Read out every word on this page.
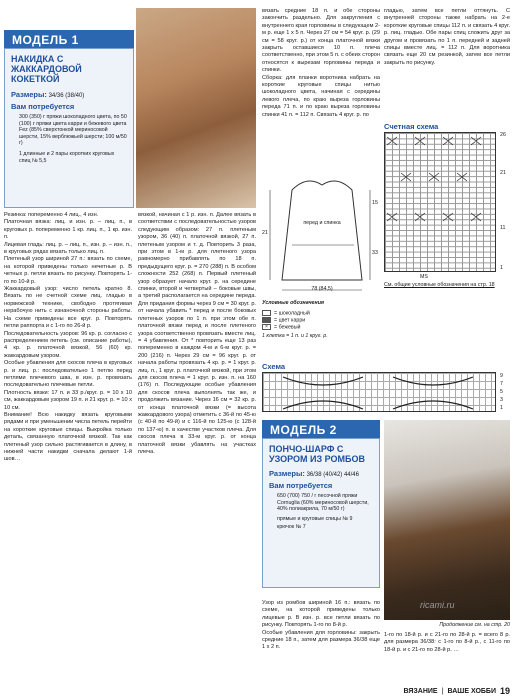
МОДЕЛЬ 1
НАКИДКА С ЖАККАРДОВОЙ КОКЕТКОЙ
Размеры: 34/36 (38/40)
Вам потребуется
300 (350) г пряжи шоколадного цвета, по 50 (100) г пряжи цвета карри и бежевого цвета Fez (85% сверхтонкой мериносовой шерсти, 15% верблюжьей шерсти; 100 м/50 г)
1 длинные и 2 пары коротких круговых спиц № 5,5
Резинка: попеременно 4 лиц., 4 изн.
Платочная вязка: лиц. и изн. р. – лиц. п., в круговых р. попеременно 1 кр. лиц. п., 1 кр. изн. п.
Лицевая гладь: лиц. р. – лиц. п., изн. р. – изн. п., в круговых рядах вязать только лиц. п.
Плетеный узор шириной 27 п.: вязать по схеме, на которой приведены только нечетные р. В четных р. петли вязать по рисунку. Повторять 1-го по 10-й р.
Жаккардовый узор: число петель кратно 8. Вязать по не счетной схеме лиц. гладью в норвежской технике, свободно протягивая нерабочую нить с изнаночной стороны работы. На схеме приведены все круг. р. Повторять петли раппорта и с 1-го по 26-й р.
Последовательность узоров: 96 кр. р. согласно с распределением петель (см. описание работы), 4 кр. р. платочной вязкой, 56 (60) кр. жаккардовым узором.
Особые убавления для скосов плеча в круговых р. и лиц. р.: последовательно 1 петлю перед петлями плечевого шва, в изн. р. провязать последовательно плечевые петли.
Плотность вязки: 17 п. и 33 р./круг. р. = 10 х 10 см, жаккардовым узором 19 п. и 21 круг. р. = 10 х 10 см.
Внимание! Всю накидку вязать круговыми рядами и при уменьшении числа петель перейти на короткие круговые спицы. Выкройка только деталь, связанную платочной вязкой. Так как плетеный узор сильно растягивается в длину, в нижней части накидки сначала делают 1-й шов…
вязкой, начиная с 1 р. изн. п. Далее вязать в соответствии с последовательностью узоров следующим образом: 27 п. плетеным узором, 36 (40) п. платочной вязкой, 27 п. плетеным узором и т. д. Повторить 3 раза, при этом в 1-м р. для плетеного узора равномерно прибавлять по 18 п. предыдущего круг. р. = 270 (288) п. В особом сложности 252 (268) п. Первый плетеный узор образует начало круг. р. на середине спинки, второй и четвертый – боковые швы, а третий располагается на середине переда. Для придания формы через 9 см = 30 круг. р. от начала убавить * перед и после боковых плетеных узоров по 1 п. при этом обе п. платочной вязки перед и после плетеного узора соответственно провязать вместе лиц. = 4 убавления. От * повторить еще 13 раз попеременно в каждом 4-м и 6-м круг. р. = 200 (216) п. Через 29 см = 96 круг. р. от начала работы провязать 4 кр. р. = 1 круг. р. лиц. п., 1 круг. р. платочной вязкой, при этом для скосов плеча = 1 круг. р. изн. п. на 160 (176) п. Последующие особые убавления для скосов плеча выполнять так же, и продолжить вязание. Через 16 см = 32 кр. р. от конца платочной вязки (= высота жаккардового узора) отметить с 36-й по 45-ю (с 40-й по 49-й) и с 116-й по 125-ю (с 128-й по 137-ю) п. в качестве участков плеча. Для скосов плеча в 33-м круг. р. от конца платочной вязки убавлять на участках плеча.
вязать средние 18 п. и обе стороны закончить раздельно. Для закругления с внутреннего края горловины в следующем 2-м р. еще 1 х 5 п. Через 27 см = 54 круг. р. (29 см = 58 круг. р.) от конца платочной вязки закрыть оставшиеся 10 п. плеча соответственно, при этом 5 п. с обеих сторон относятся к вырезам горловины переда и спинки.
Сборка: для планки воротника набрать на короткие круговые спицы нитью шоколадного цвета, начиная с середины левого плеча, по краю выреза горловины переда 71 п. и по краю выреза горловины спинки 41 п. = 112 п. Связать 4 круг. р. по
гладью, затем все петли оттянуть. С внутренней стороны также набрать на 2-е короткие круговые спицы 112 п. и связать 4 круг. р. лиц. гладью. Обе пары спиц сложить друг за другом и провязать по 1 п. передней и задней спицы вместе лиц. = 112 п. Для воротника связать еще 20 см резинкой, затем все петли закрыть по рисунку.
перед и спинка
78 (84,5)
21
15
33
Счетная схема
26
21
11
1
MS
См. общие условные обозначения на стр. 18
Условные обозначения
= шоколадный
= цвет карри
× = бежевый
1 клетка = 1 п. и 1 круг. р.
Схема
9
7
5
3
1
МОДЕЛЬ 2
ПОНЧО-ШАРФ С УЗОРОМ ИЗ РОМБОВ
Размеры: 36/38 (40/42) 44/46
Вам потребуется
650 (700) 750 / г песочной пряжи Cornuglia (60% мериносовой шерсти, 40% полиакрила, 70 м/50 г)
прямые и круговые спицы № 9
крючок № 7
Продолжение см. на стр. 20
Узор из ромбов шириной 16 п.: вязать по схеме, на которой приведены только лицевые р. В изн. р. все петли вязать по рисунку. Повторять 1-го по 8-й р.
Особые убавления для горловины: закрыть средние 18 п., затем для размера 36/38 еще 1 х 2 п.
1-го по 18-й р. и с 21-го по 28-й р. = всего 8 р. для размера 36/38: с 1-го по 8-й р., с 11-го по 18-й р. и с 21-го по 28-й р. …
ricami.ru
ВЯЗАНИЕ | ВАШЕ ХОББИ 19
